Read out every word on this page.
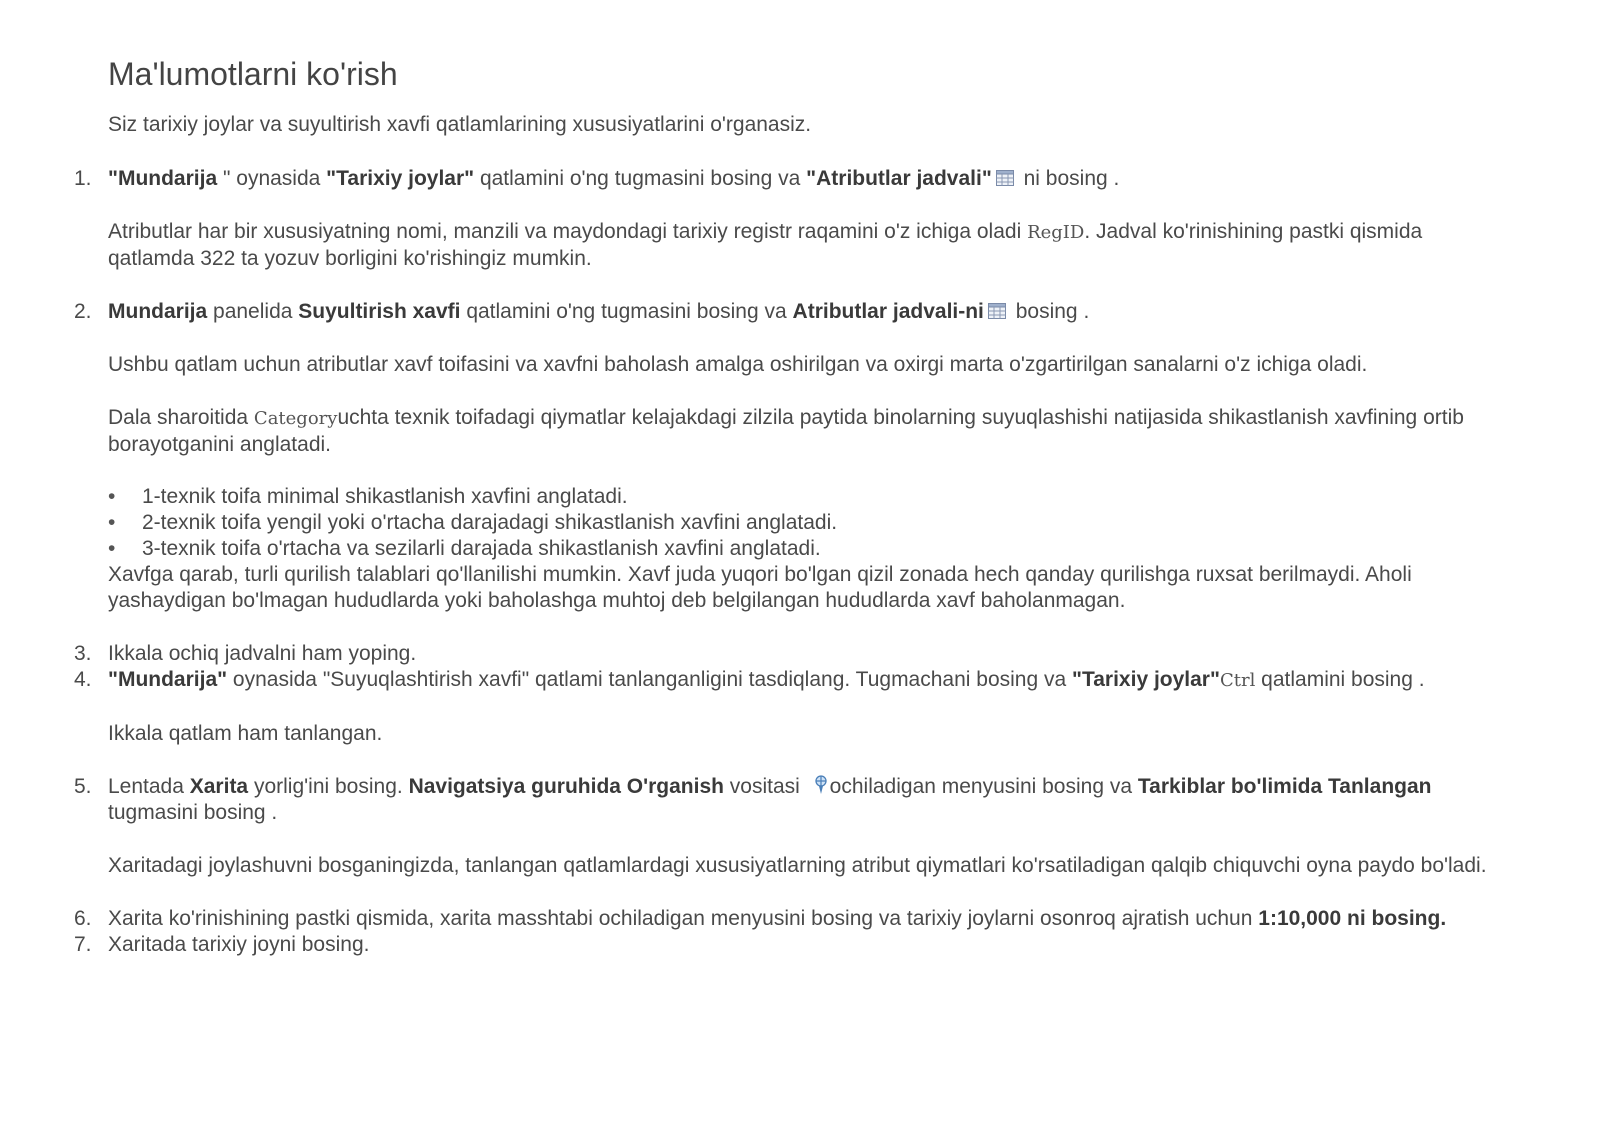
Ma'lumotlarni ko'rish

Siz tarixiy joylar va suyultirish xavfi qatlamlarining xususiyatlarini o'rganasiz.

1. "Mundarija " oynasida "Tarixiy joylar" qatlamini o'ng tugmasini bosing va "Atributlar jadvali" ni bosing .

Atributlar har bir xususiyatning nomi, manzili va maydondagi tarixiy registr raqamini o'z ichiga oladi RegID. Jadval ko'rinishining pastki qismida qatlamda 322 ta yozuv borligini ko'rishingiz mumkin.

2. Mundarija panelida Suyultirish xavfi qatlamini o'ng tugmasini bosing va Atributlar jadvali-ni bosing .

Ushbu qatlam uchun atributlar xavf toifasini va xavfni baholash amalga oshirilgan va oxirgi marta o'zgartirilgan sanalarni o'z ichiga oladi.

Dala sharoitida Categoryuchta texnik toifadagi qiymatlar kelajakdagi zilzila paytida binolarning suyuqlashishi natijasida shikastlanish xavfining ortib borayotganini anglatadi.

• 1-texnik toifa minimal shikastlanish xavfini anglatadi.
• 2-texnik toifa yengil yoki o'rtacha darajadagi shikastlanish xavfini anglatadi.
• 3-texnik toifa o'rtacha va sezilarli darajada shikastlanish xavfini anglatadi.

Xavfga qarab, turli qurilish talablari qo'llanilishi mumkin. Xavf juda yuqori bo'lgan qizil zonada hech qanday qurilishga ruxsat berilmaydi. Aholi yashaydigan bo'lmagan hududlarda yoki baholashga muhtoj deb belgilangan hududlarda xavf baholanmagan.

3. Ikkala ochiq jadvalni ham yoping.

4. "Mundarija" oynasida "Suyuqlashtirish xavfi" qatlami tanlanganligini tasdiqlang. Tugmachani bosing va "Tarixiy joylar"Ctrl qatlamini bosing .

Ikkala qatlam ham tanlangan.

5. Lentada Xarita yorlig'ini bosing. Navigatsiya guruhida O'rganish vositasi ochiladigan menyusini bosing va Tarkiblar bo'limida Tanlangan tugmasini bosing .

Xaritadagi joylashuvni bosganingizda, tanlangan qatlamlardagi xususiyatlarning atribut qiymatlari ko'rsatiladigan qalqib chiquvchi oyna paydo bo'ladi.

6. Xarita ko'rinishining pastki qismida, xarita masshtabi ochiladigan menyusini bosing va tarixiy joylarni osonroq ajratish uchun 1:10,000 ni bosing.

7. Xaritada tarixiy joyni bosing.
